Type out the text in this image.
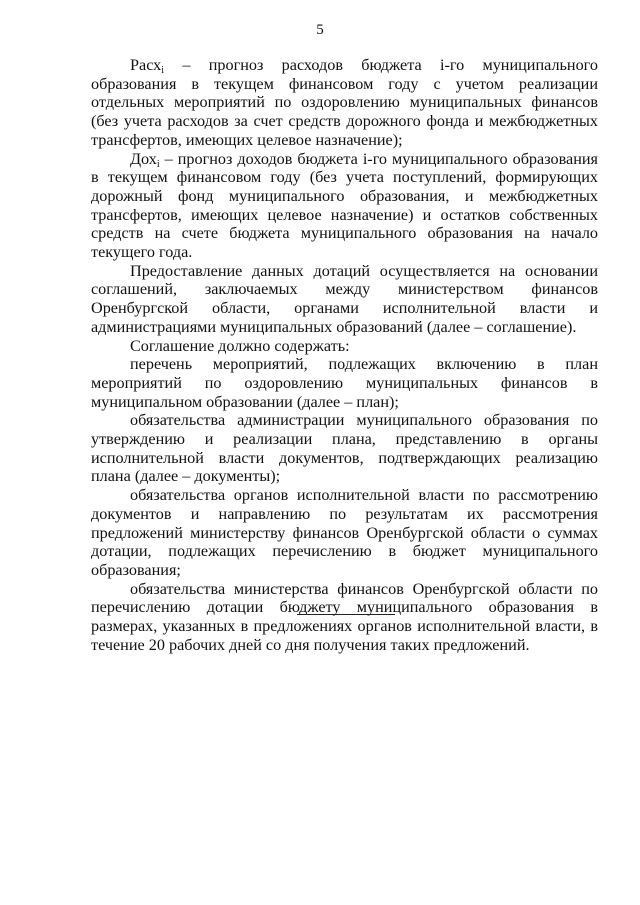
5

Расх$_i$ – прогноз расходов бюджета i-го муниципального образования в текущем финансовом году с учетом реализации отдельных мероприятий по оздоровлению муниципальных финансов (без учета расходов за счет средств дорожного фонда и межбюджетных трансфертов, имеющих целевое назначение);

Дох$_i$ – прогноз доходов бюджета i-го муниципального образования в текущем финансовом году (без учета поступлений, формирующих дорожный фонд муниципального образования, и межбюджетных трансфертов, имеющих целевое назначение) и остатков собственных средств на счете бюджета муниципального образования на начало текущего года.

Предоставление данных дотаций осуществляется на основании соглашений, заключаемых между министерством финансов Оренбургской области, органами исполнительной власти и администрациями муниципальных образований (далее – соглашение).

Соглашение должно содержать:

перечень мероприятий, подлежащих включению в план мероприятий по оздоровлению муниципальных финансов в муниципальном образовании (далее – план);

обязательства администрации муниципального образования по утверждению и реализации плана, представлению в органы исполнительной власти документов, подтверждающих реализацию плана (далее – документы);

обязательства органов исполнительной власти по рассмотрению документов и направлению по результатам их рассмотрения предложений министерству финансов Оренбургской области о суммах дотации, подлежащих перечислению в бюджет муниципального образования;

обязательства министерства финансов Оренбургской области по перечислению дотации бюджету муниципального образования в размерах, указанных в предложениях органов исполнительной власти, в течение 20 рабочих дней со дня получения таких предложений.
